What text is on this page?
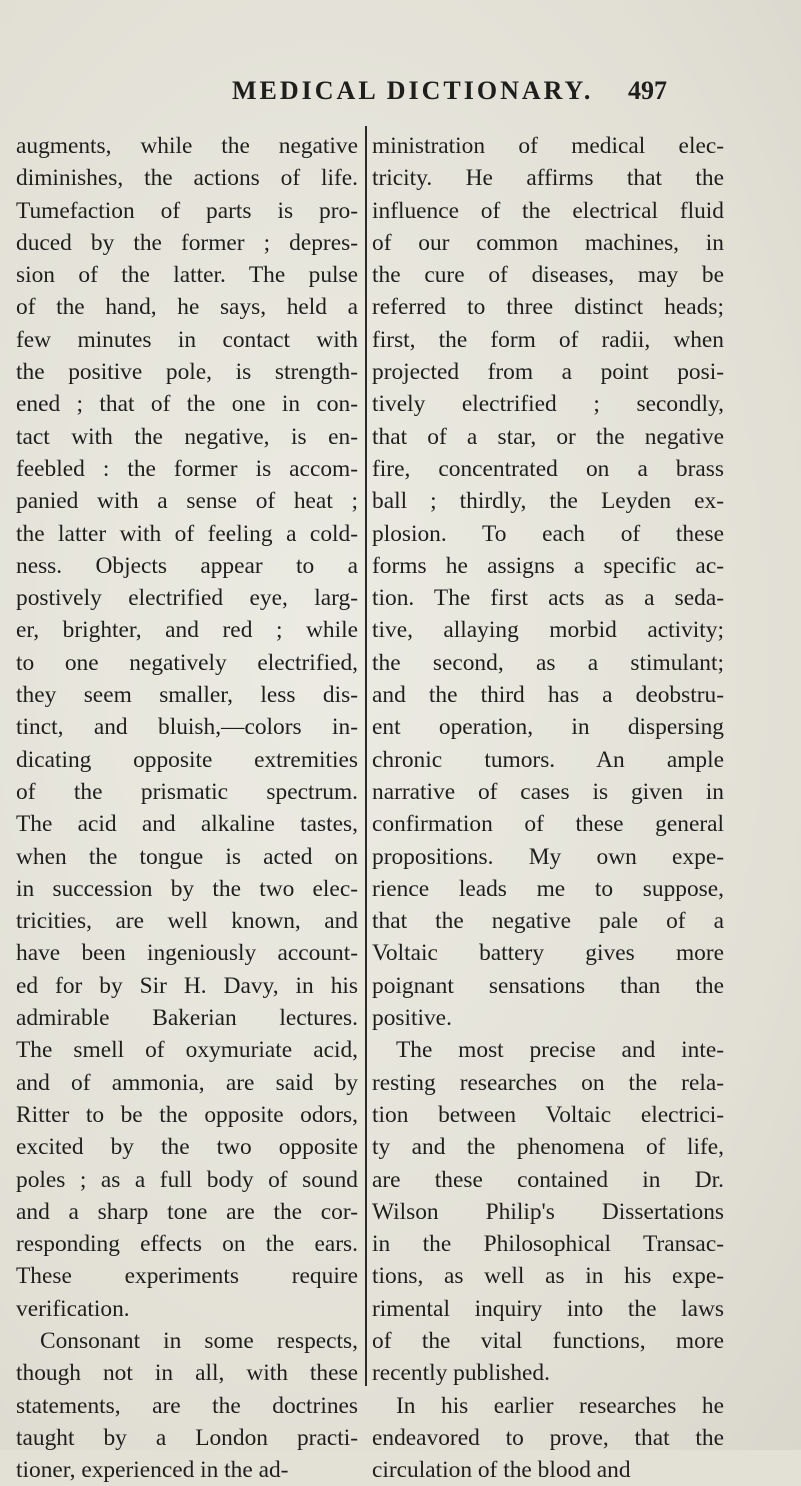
MEDICAL DICTIONARY. 497
augments, while the negative
diminishes, the actions of life.
Tumefaction of parts is pro-
duced by the former ; depres-
sion of the latter. The pulse
of the hand, he says, held a
few minutes in contact with
the positive pole, is strength-
ened ; that of the one in con-
tact with the negative, is en-
feebled : the former is accom-
panied with a sense of heat ;
the latter with of feeling a cold-
ness. Objects appear to a
postively electrified eye, larg-
er, brighter, and red ; while
to one negatively electrified,
they seem smaller, less dis-
tinct, and bluish,—colors in-
dicating opposite extremities
of the prismatic spectrum.
The acid and alkaline tastes,
when the tongue is acted on
in succession by the two elec-
tricities, are well known, and
have been ingeniously account-
ed for by Sir H. Davy, in his
admirable Bakerian lectures.
The smell of oxymuriate acid,
and of ammonia, are said by
Ritter to be the opposite odors,
excited by the two opposite
poles ; as a full body of sound
and a sharp tone are the cor-
responding effects on the ears.
These experiments require
verification.
Consonant in some respects,
though not in all, with these
statements, are the doctrines
taught by a London practi-
tioner, experienced in the ad-
ministration of medical elec-
tricity. He affirms that the
influence of the electrical fluid
of our common machines, in
the cure of diseases, may be
referred to three distinct heads;
first, the form of radii, when
projected from a point posi-
tively electrified ; secondly,
that of a star, or the negative
fire, concentrated on a brass
ball ; thirdly, the Leyden ex-
plosion. To each of these
forms he assigns a specific ac-
tion. The first acts as a seda-
tive, allaying morbid activity;
the second, as a stimulant;
and the third has a deobstru-
ent operation, in dispersing
chronic tumors. An ample
narrative of cases is given in
confirmation of these general
propositions. My own expe-
rience leads me to suppose,
that the negative pale of a
Voltaic battery gives more
poignant sensations than the
positive.
The most precise and inte-
resting researches on the rela-
tion between Voltaic electrici-
ty and the phenomena of life,
are these contained in Dr.
Wilson Philip's Dissertations
in the Philosophical Transac-
tions, as well as in his expe-
rimental inquiry into the laws
of the vital functions, more
recently published.
In his earlier researches he
endeavored to prove, that the
circulation of the blood and
